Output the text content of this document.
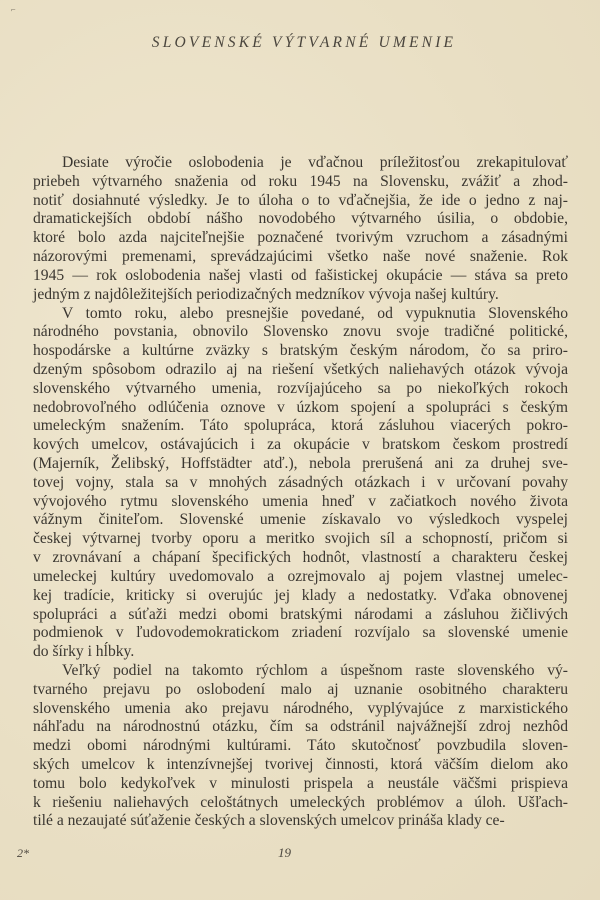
⌐
SLOVENSKÉ VÝTVARNÉ UMENIE
Desiate výročie oslobodenia je vďačnou príležitosťou zrekapitulovať
priebeh výtvarného snaženia od roku 1945 na Slovensku, zvážiť a zhod-
notiť dosiahnuté výsledky. Je to úloha o to vďačnejšia, že ide o jedno z naj-
dramatickejších období nášho novodobého výtvarného úsilia, o obdobie,
ktoré bolo azda najciteľnejšie poznačené tvorivým vzruchom a zásadnými
názorovými premenami, sprevádzajúcimi všetko naše nové snaženie. Rok
1945 — rok oslobodenia našej vlasti od fašistickej okupácie — stáva sa preto
jedným z najdôležitejších periodizačných medzníkov vývoja našej kultúry.
V tomto roku, alebo presnejšie povedané, od vypuknutia Slovenského
národného povstania, obnovilo Slovensko znovu svoje tradičné politické,
hospodárske a kultúrne zväzky s bratským českým národom, čo sa priro-
dzeným spôsobom odrazilo aj na riešení všetkých naliehavých otázok vývoja
slovenského výtvarného umenia, rozvíjajúceho sa po niekoľkých rokoch
nedobrovoľného odlúčenia oznove v úzkom spojení a spolupráci s českým
umeleckým snažením. Táto spolupráca, ktorá zásluhou viacerých pokro-
kových umelcov, ostávajúcich i za okupácie v bratskom českom prostredí
(Majerník, Želibský, Hoffstädter atď.), nebola prerušená ani za druhej sve-
tovej vojny, stala sa v mnohých zásadných otázkach i v určovaní povahy
vývojového rytmu slovenského umenia hneď v začiatkoch nového života
vážnym činiteľom. Slovenské umenie získavalo vo výsledkoch vyspelej
českej výtvarnej tvorby oporu a meritko svojich síl a schopností, pričom si
v zrovnávaní a chápaní špecifických hodnôt, vlastností a charakteru českej
umeleckej kultúry uvedomovalo a ozrejmovalo aj pojem vlastnej umelec-
kej tradície, kriticky si overujúc jej klady a nedostatky. Vďaka obnovenej
spolupráci a súťaži medzi obomi bratskými národami a zásluhou žičlivých
podmienok v ľudovodemokratickom zriadení rozvíjalo sa slovenské umenie
do šírky i hĺbky.
Veľký podiel na takomto rýchlom a úspešnom raste slovenského vý-
tvarného prejavu po oslobodení malo aj uznanie osobitného charakteru
slovenského umenia ako prejavu národného, vyplývajúce z marxistického
náhľadu na národnostnú otázku, čím sa odstránil najvážnejší zdroj nezhôd
medzi obomi národnými kultúrami. Táto skutočnosť povzbudila sloven-
ských umelcov k intenzívnejšej tvorivej činnosti, ktorá väčším dielom ako
tomu bolo kedykoľvek v minulosti prispela a neustále väčšmi prispieva
k riešeniu naliehavých celoštátnych umeleckých problémov a úloh. Ušľach-
tilé a nezaujaté súťaženie českých a slovenských umelcov prináša klady ce-
2*	19
